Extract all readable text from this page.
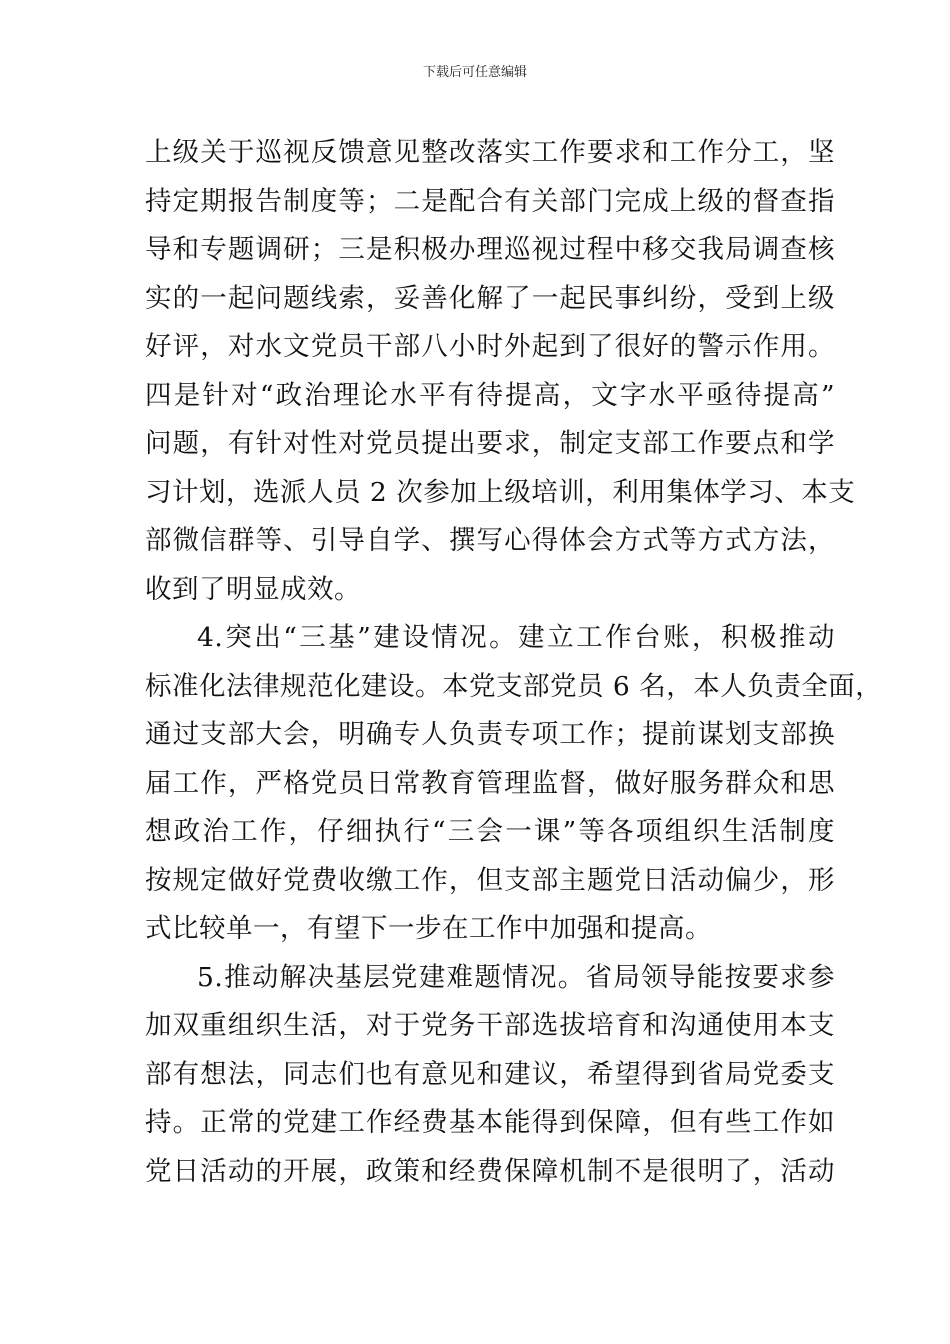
下载后可任意编辑
上级关于巡视反馈意见整改落实工作要求和工作分工，坚
持定期报告制度等；二是配合有关部门完成上级的督查指
导和专题调研；三是积极办理巡视过程中移交我局调查核
实的一起问题线索，妥善化解了一起民事纠纷，受到上级
好评，对水文党员干部八小时外起到了很好的警示作用。
四是针对“政治理论水平有待提高，文字水平亟待提高”
问题，有针对性对党员提出要求，制定支部工作要点和学
习计划，选派人员 2 次参加上级培训，利用集体学习、本支
部微信群等、引导自学、撰写心得体会方式等方式方法，
收到了明显成效。
4.突出“三基”建设情况。建立工作台账，积极推动
标准化法律规范化建设。本党支部党员 6 名，本人负责全面，
通过支部大会，明确专人负责专项工作；提前谋划支部换
届工作，严格党员日常教育管理监督，做好服务群众和思
想政治工作，仔细执行“三会一课”等各项组织生活制度
按规定做好党费收缴工作，但支部主题党日活动偏少，形
式比较单一，有望下一步在工作中加强和提高。
5.推动解决基层党建难题情况。省局领导能按要求参
加双重组织生活，对于党务干部选拔培育和沟通使用本支
部有想法，同志们也有意见和建议，希望得到省局党委支
持。正常的党建工作经费基本能得到保障，但有些工作如
党日活动的开展，政策和经费保障机制不是很明了，活动
